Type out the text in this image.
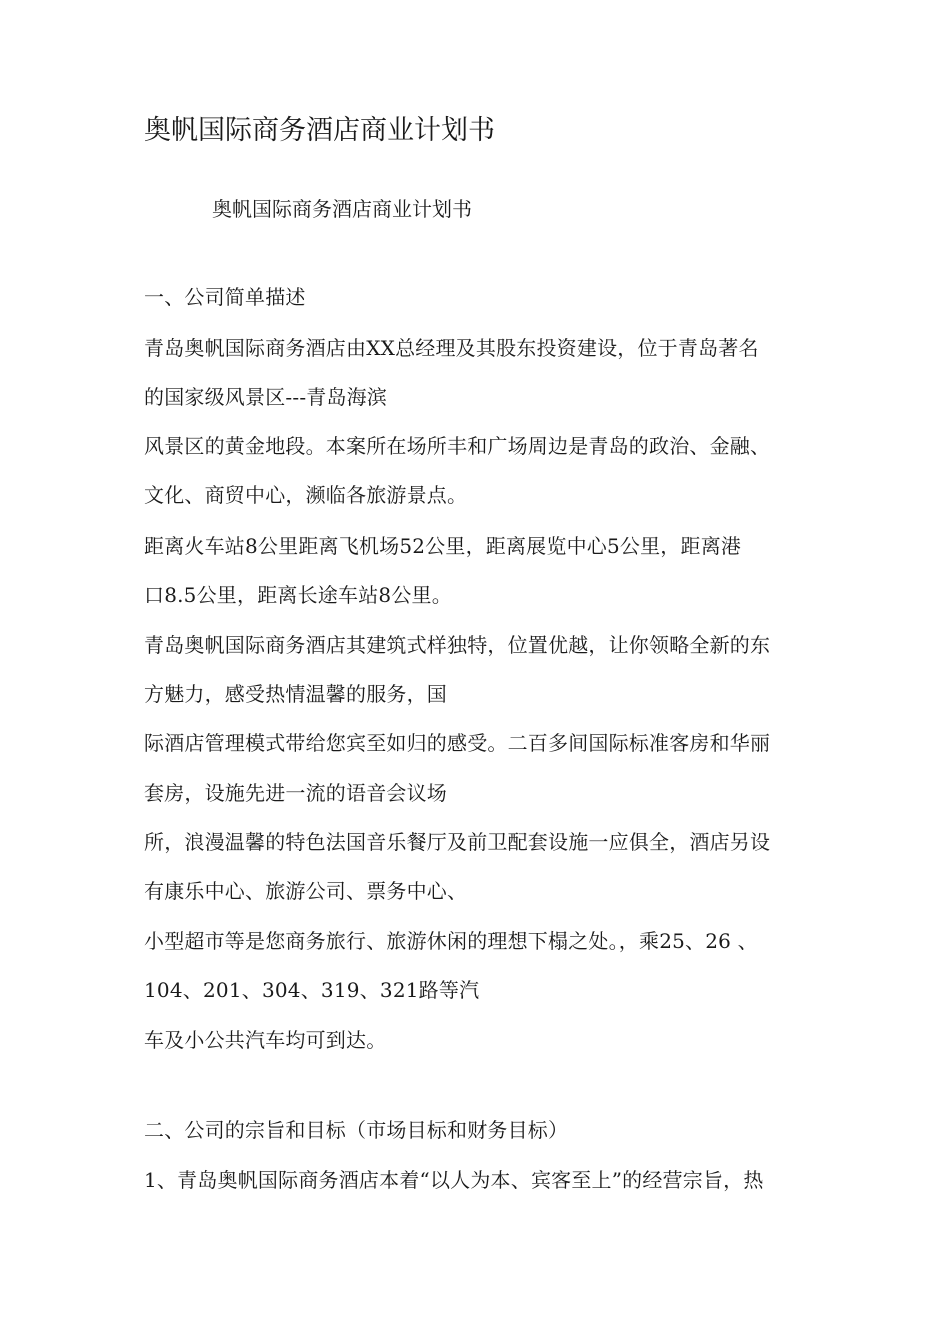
奥帆国际商务酒店商业计划书
奥帆国际商务酒店商业计划书
一、公司简单描述
青岛奥帆国际商务酒店由XX总经理及其股东投资建设，位于青岛著名
的国家级风景区---青岛海滨
风景区的黄金地段。本案所在场所丰和广场周边是青岛的政治、金融、
文化、商贸中心，濒临各旅游景点。
距离火车站8公里距离飞机场52公里，距离展览中心5公里，距离港
口8.5公里，距离长途车站8公里。
青岛奥帆国际商务酒店其建筑式样独特，位置优越，让你领略全新的东
方魅力，感受热情温馨的服务，国
际酒店管理模式带给您宾至如归的感受。二百多间国际标准客房和华丽
套房，设施先进一流的语音会议场
所，浪漫温馨的特色法国音乐餐厅及前卫配套设施一应俱全，酒店另设
有康乐中心、旅游公司、票务中心、
小型超市等是您商务旅行、旅游休闲的理想下榻之处。，乘25、26 、
104、201、304、319、321路等汽
车及小公共汽车均可到达。
二、公司的宗旨和目标（市场目标和财务目标）
1、青岛奥帆国际商务酒店本着“以人为本、宾客至上”的经营宗旨，热
